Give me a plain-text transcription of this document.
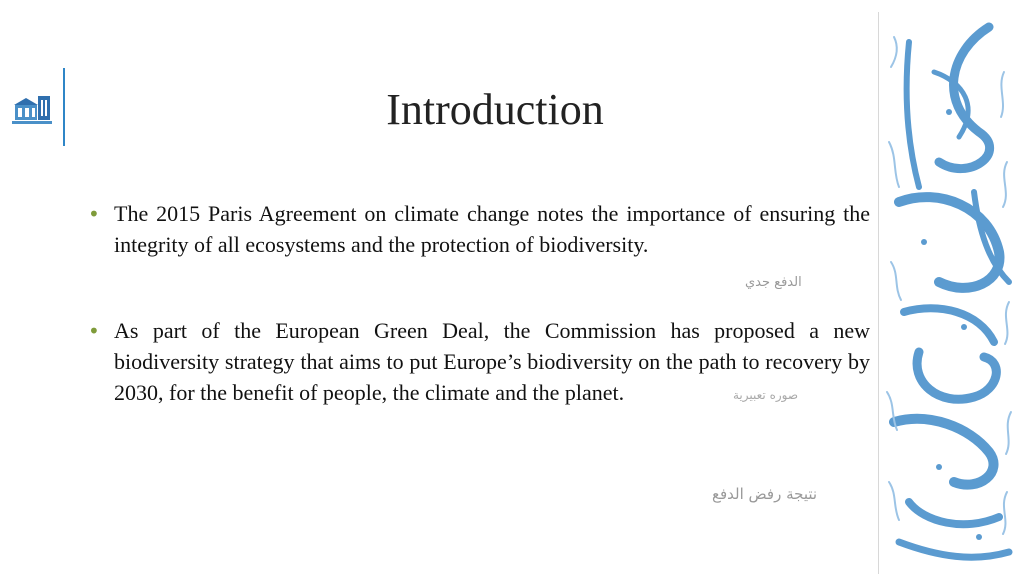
Introduction
• The 2015 Paris Agreement on climate change notes the importance of ensuring the integrity of all ecosystems and the protection of biodiversity.
• As part of the European Green Deal, the Commission has proposed a new biodiversity strategy that aims to put Europe’s biodiversity on the path to recovery by 2030, for the benefit of people, the climate and the planet.
الدفع جدي
صوره تعبيرية
نتيجة رفض الدفع
